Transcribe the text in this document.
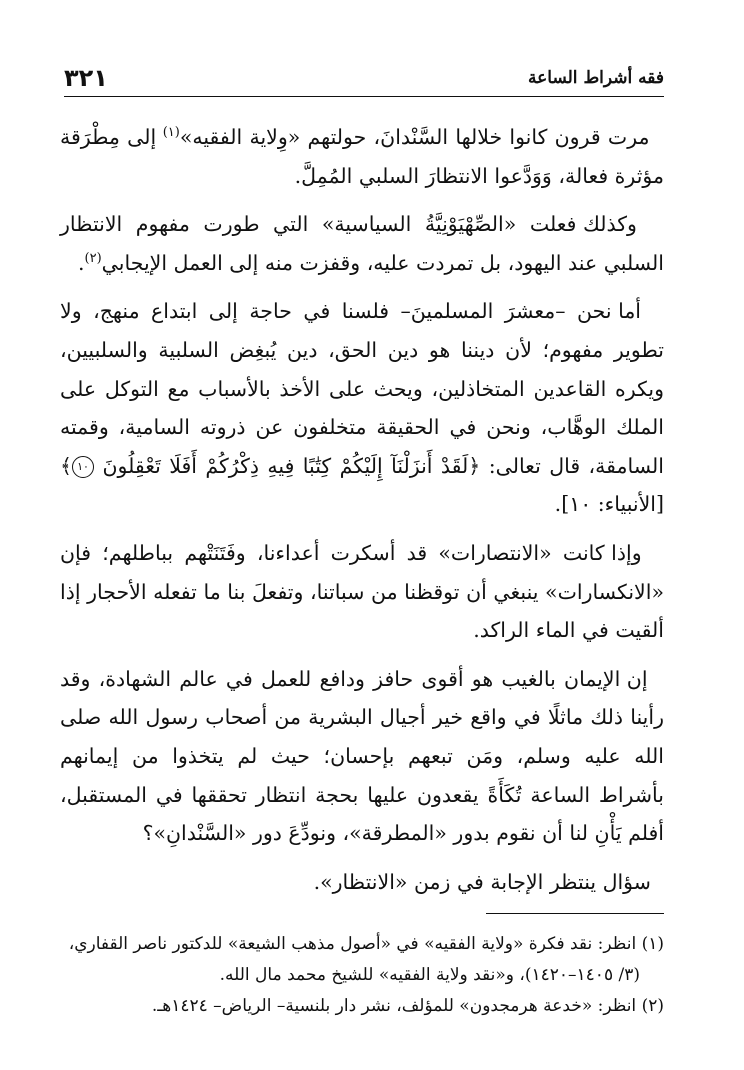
فقه أشراط الساعة
٣٢١

مرت قرون كانوا خلالها السَّنْدانَ، حولتهم «وِلاية الفقيه»$^{(١)}$ إلى مِطْرَقة مؤثرة فعالة، وَوَدَّعوا الانتظارَ السلبي المُمِلَّ.

وكذلك فعلت «الصِّهْيَوْنِيَّةُ السياسية» التي طورت مفهوم الانتظار السلبي عند اليهود، بل تمردت عليه، وقفزت منه إلى العمل الإيجابي$^{(٢)}$.

أما نحن –معشرَ المسلمينَ– فلسنا في حاجة إلى ابتداع منهج، ولا تطوير مفهوم؛ لأن ديننا هو دين الحق، دين يُبغِض السلبية والسلبيين، ويكره القاعدين المتخاذلين، ويحث على الأخذ بالأسباب مع التوكل على الملك الوهَّاب، ونحن في الحقيقة متخلفون عن ذروته السامية، وقمته السامقة، قال تعالى: ﴿لَقَدْ أَنزَلْنَآ إِلَيْكُمْ كِتَٰبًا فِيهِ ذِكْرُكُمْ أَفَلَا تَعْقِلُونَ ١٠﴾ [الأنبياء: ١٠].

وإذا كانت «الانتصارات» قد أسكرت أعداءنا، وفَتَنَتْهم بباطلهم؛ فإن «الانكسارات» ينبغي أن توقظنا من سباتنا، وتفعلَ بنا ما تفعله الأحجار إذا ألقيت في الماء الراكد.

إن الإيمان بالغيب هو أقوى حافز ودافع للعمل في عالم الشهادة، وقد رأينا ذلك ماثلًا في واقع خير أجيال البشرية من أصحاب رسول الله صلى الله عليه وسلم، ومَن تبعهم بإحسان؛ حيث لم يتخذوا من إيمانهم بأشراط الساعة تُكَأَةً يقعدون عليها بحجة انتظار تحققها في المستقبل، أفلم يَأْنِ لنا أن نقوم بدور «المطرقة»، ونودِّعَ دور «السَّنْدانِ»؟

سؤال ينتظر الإجابة في زمن «الانتظار».

(١) انظر: نقد فكرة «ولاية الفقيه» في «أصول مذهب الشيعة» للدكتور ناصر القفاري،
(٣/ ١٤٠٥–١٤٢٠)، و«نقد ولاية الفقيه» للشيخ محمد مال الله.

(٢) انظر: «خدعة هرمجدون» للمؤلف، نشر دار بلنسية– الرياض– ١٤٢٤هـ.
